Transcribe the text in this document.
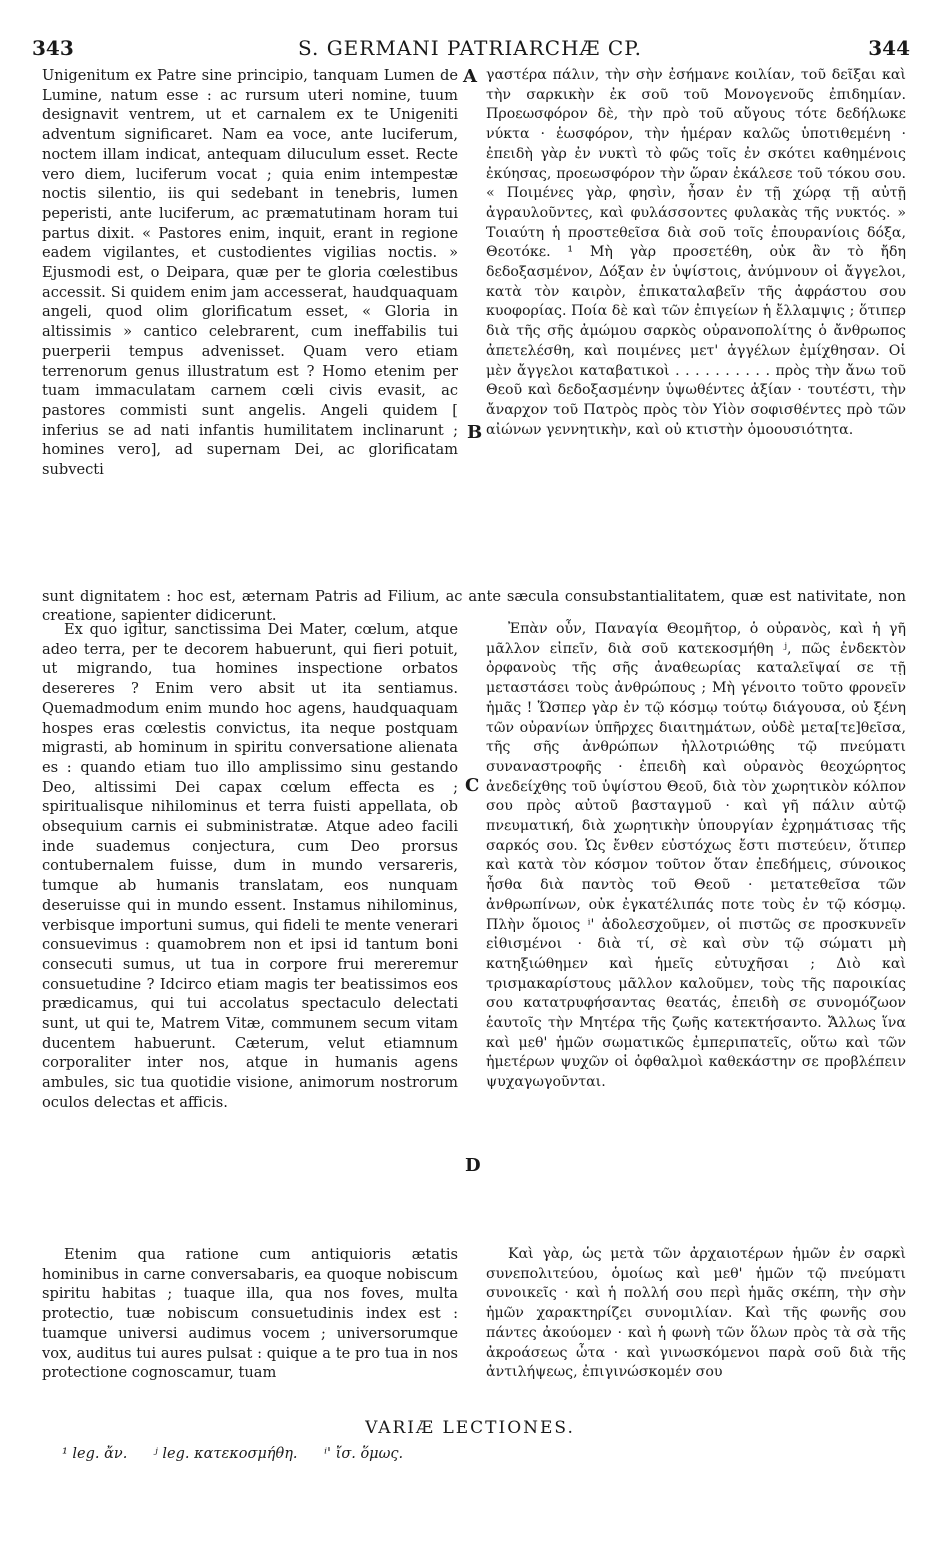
343	S. GERMANI PATRIARCHÆ CP.	344

Unigenitum ex Patre sine principio, tanquam Lumen de Lumine, natum esse : ac rursum uteri nomine, tuum designavit ventrem, ut et carnalem ex te Unigeniti adventum significaret. Nam ea voce, ante luciferum, noctem illam indicat, antequam diluculum esset. Recte vero diem, luciferum vocat ; quia enim intempestæ noctis silentio, iis qui sedebant in tenebris, lumen peperisti, ante luciferum, ac præmatutinam horam tui partus dixit. « Pastores enim, inquit, erant in regione eadem vigilantes, et custodientes vigilias noctis. » Ejusmodi est, o Deipara, quæ per te gloria cœlestibus accessit. Si quidem enim jam accesserat, haudquaquam angeli, quod olim glorificatum esset, « Gloria in altissimis » cantico celebrarent, cum ineffabilis tui puerperii tempus advenisset. Quam vero etiam terrenorum genus illustratum est ? Homo etenim per tuam immaculatam carnem cœli civis evasit, ac pastores commisti sunt angelis. Angeli quidem [ inferius se ad nati infantis humilitatem inclinarunt ; homines vero], ad supernam Dei, ac glorificatam subvecti

γαστέρα πάλιν, τὴν σὴν ἐσήμανε κοιλίαν, τοῦ δεῖξαι καὶ τὴν σαρκικὴν ἐκ σοῦ τοῦ Μονογενοῦς ἐπιδημίαν. Προεωσφόρον δὲ, τὴν πρὸ τοῦ αὔγους τότε δεδήλωκε νύκτα · ἑωσφόρον, τὴν ἡμέραν καλῶς ὑποτιθεμένη · ἐπειδὴ γὰρ ἐν νυκτὶ τὸ φῶς τοῖς ἐν σκότει καθημένοις ἐκύησας, προεωσφόρον τὴν ὥραν ἐκάλεσε τοῦ τόκου σου. « Ποιμένες γὰρ, φησὶν, ἦσαν ἐν τῇ χώρᾳ τῇ αὐτῇ ἀγραυλοῦντες, καὶ φυλάσσοντες φυλακὰς τῆς νυκτός. » Τοιαύτη ἡ προστεθεῖσα διὰ σοῦ τοῖς ἐπουρανίοις δόξα, Θεοτόκε. ¹ Μὴ γὰρ προσετέθη, οὐκ ἂν τὸ ἤδη δεδοξασμένον, Δόξαν ἐν ὑψίστοις, ἀνύμνουν οἱ ἄγγελοι, κατὰ τὸν καιρὸν, ἐπικαταλαβεῖν τῆς ἀφράστου σου κυοφορίας. Ποία δὲ καὶ τῶν ἐπιγείων ἡ ἔλλαμψις ; ὅτιπερ διὰ τῆς σῆς ἀμώμου σαρκὸς οὐρανοπολίτης ὁ ἄνθρωπος ἀπετελέσθη, καὶ ποιμένες μετ' ἀγγέλων ἐμίχθησαν. Οἱ μὲν ἄγγελοι καταβατικοὶ . . . . . . . . . . πρὸς τὴν ἄνω τοῦ Θεοῦ καὶ δεδοξασμένην ὑψωθέντες ἀξίαν · τουτέστι, τὴν ἄναρχον τοῦ Πατρὸς πρὸς τὸν Υἱὸν σοφισθέντες πρὸ τῶν αἰώνων γεννητικὴν, καὶ οὐ κτιστὴν ὁμοουσιότητα.

A
B

sunt dignitatem : hoc est, æternam Patris ad Filium, ac ante sæcula consubstantialitatem, quæ est nativitate, non creatione, sapienter didicerunt.

Ex quo igitur, sanctissima Dei Mater, cœlum, atque adeo terra, per te decorem habuerunt, qui fieri potuit, ut migrando, tua homines inspectione orbatos desereres ? Enim vero absit ut ita sentiamus. Quemadmodum enim mundo hoc agens, haudquaquam hospes eras cœlestis convictus, ita neque postquam migrasti, ab hominum in spiritu conversatione alienata es : quando etiam tuo illo amplissimo sinu gestando Deo, altissimi Dei capax cœlum effecta es ; spiritualisque nihilominus et terra fuisti appellata, ob obsequium carnis ei subministratæ. Atque adeo facili inde suademus conjectura, cum Deo prorsus contubernalem fuisse, dum in mundo versareris, tumque ab humanis translatam, eos nunquam deseruisse qui in mundo essent. Instamus nihilominus, verbisque importuni sumus, qui fideli te mente venerari consuevimus : quamobrem non et ipsi id tantum boni consecuti sumus, ut tua in corpore frui mereremur consuetudine ? Idcirco etiam magis ter beatissimos eos prædicamus, qui tui accolatus spectaculo delectati sunt, ut qui te, Matrem Vitæ, communem secum vitam ducentem habuerunt. Cæterum, velut etiamnum corporaliter inter nos, atque in humanis agens ambules, sic tua quotidie visione, animorum nostrorum oculos delectas et afficis.

Ἐπὰν οὖν, Παναγία Θεομῆτορ, ὁ οὐρανὸς, καὶ ἡ γῆ μᾶλλον εἰπεῖν, διὰ σοῦ κατεκοσμήθη ʲ, πῶς ἐνδεκτὸν ὀρφανοὺς τῆς σῆς ἀναθεωρίας καταλεῖψαί σε τῇ μεταστάσει τοὺς ἀνθρώπους ; Μὴ γένοιτο τοῦτο φρονεῖν ἡμᾶς ! Ὥσπερ γὰρ ἐν τῷ κόσμῳ τούτῳ διάγουσα, οὐ ξένη τῶν οὐρανίων ὑπῆρχες διαιτημάτων, οὐδὲ μετα[τε]θεῖσα, τῆς σῆς ἀνθρώπων ἠλλοτριώθης τῷ πνεύματι συναναστροφῆς · ἐπειδὴ καὶ οὐρανὸς θεοχώρητος ἀνεδείχθης τοῦ ὑψίστου Θεοῦ, διὰ τὸν χωρητικὸν κόλπον σου πρὸς αὐτοῦ βασταγμοῦ · καὶ γῆ πάλιν αὐτῷ πνευματική, διὰ χωρητικὴν ὑπουργίαν ἐχρημάτισας τῆς σαρκός σου. Ὡς ἔνθεν εὐστόχως ἔστι πιστεύειν, ὅτιπερ καὶ κατὰ τὸν κόσμον τοῦτον ὅταν ἐπεδήμεις, σύνοικος ἦσθα διὰ παντὸς τοῦ Θεοῦ · μετατεθεῖσα τῶν ἀνθρωπίνων, οὐκ ἐγκατέλιπάς ποτε τοὺς ἐν τῷ κόσμῳ. Πλὴν ὅμοιος ⁱ' ἀδολεσχοῦμεν, οἱ πιστῶς σε προσκυνεῖν εἰθισμένοι · διὰ τί, σὲ καὶ σὺν τῷ σώματι μὴ κατηξιώθημεν καὶ ἡμεῖς εὐτυχῆσαι ; Διὸ καὶ τρισμακαρίστους μᾶλλον καλοῦμεν, τοὺς τῆς παροικίας σου κατατρυφήσαντας θεατάς, ἐπειδὴ σε συνομόζωον ἑαυτοῖς τὴν Μητέρα τῆς ζωῆς κατεκτήσαντο. Ἄλλως ἵνα καὶ μεθ' ἡμῶν σωματικῶς ἐμπεριπατεῖς, οὕτω καὶ τῶν ἡμετέρων ψυχῶν οἱ ὀφθαλμοὶ καθεκάστην σε προβλέπειν ψυχαγωγοῦνται.

C
D

Etenim qua ratione cum antiquioris ætatis hominibus in carne conversabaris, ea quoque nobiscum spiritu habitas ; tuaque illa, qua nos foves, multa protectio, tuæ nobiscum consuetudinis index est : tuamque universi audimus vocem ; universorumque vox, auditus tui aures pulsat : quique a te pro tua in nos protectione cognoscamur, tuam

Καὶ γὰρ, ὡς μετὰ τῶν ἀρχαιοτέρων ἡμῶν ἐν σαρκὶ συνεπολιτεύου, ὁμοίως καὶ μεθ' ἡμῶν τῷ πνεύματι συνοικεῖς · καὶ ἡ πολλή σου περὶ ἡμᾶς σκέπη, τὴν σὴν ἡμῶν χαρακτηρίζει συνομιλίαν. Καὶ τῆς φωνῆς σου πάντες ἀκούομεν · καὶ ἡ φωνὴ τῶν ὅλων πρὸς τὰ σὰ τῆς ἀκροάσεως ὦτα · καὶ γινωσκόμενοι παρὰ σοῦ διὰ τῆς ἀντιλήψεως, ἐπιγινώσκομέν σου

VARIÆ LECTIONES.
¹ leg. ἄν. ʲ leg. κατεκοσμήθη. ⁱ' ἴσ. ὅμως.
